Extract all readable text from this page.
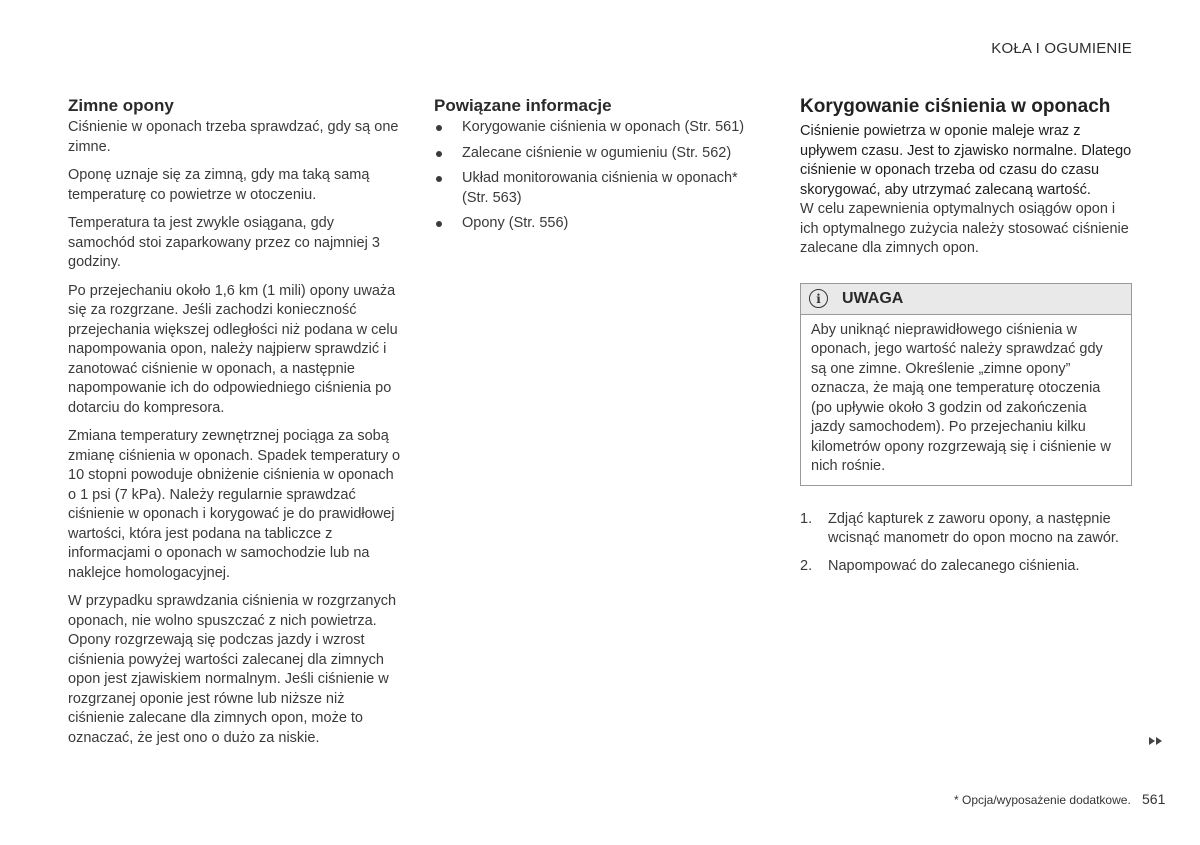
KOŁA I OGUMIENIE
Zimne opony

Ciśnienie w oponach trzeba sprawdzać, gdy są one zimne.

Oponę uznaje się za zimną, gdy ma taką samą temperaturę co powietrze w otoczeniu.

Temperatura ta jest zwykle osiągana, gdy samochód stoi zaparkowany przez co najmniej 3 godziny.

Po przejechaniu około 1,6 km (1 mili) opony uważa się za rozgrzane. Jeśli zachodzi konieczność przejechania większej odległości niż podana w celu napompowania opon, należy najpierw sprawdzić i zanotować ciśnienie w oponach, a następnie napompowanie ich do odpowiedniego ciśnienia po dotarciu do kompresora.

Zmiana temperatury zewnętrznej pociąga za sobą zmianę ciśnienia w oponach. Spadek temperatury o 10 stopni powoduje obniżenie ciśnienia w oponach o 1 psi (7 kPa). Należy regularnie sprawdzać ciśnienie w oponach i korygować je do prawidłowej wartości, która jest podana na tabliczce z informacjami o oponach w samochodzie lub na naklejce homologacyjnej.

W przypadku sprawdzania ciśnienia w rozgrzanych oponach, nie wolno spuszczać z nich powietrza. Opony rozgrzewają się podczas jazdy i wzrost ciśnienia powyżej wartości zalecanej dla zimnych opon jest zjawiskiem normalnym. Jeśli ciśnienie w rozgrzanej oponie jest równe lub niższe niż ciśnienie zalecane dla zimnych opon, może to oznaczać, że jest ono o dużo za niskie.

Powiązane informacje
Korygowanie ciśnienia w oponach (Str. 561)
Zalecane ciśnienie w ogumieniu (Str. 562)
Układ monitorowania ciśnienia w oponach* (Str. 563)
Opony (Str. 556)
Korygowanie ciśnienia w oponach

Ciśnienie powietrza w oponie maleje wraz z upływem czasu. Jest to zjawisko normalne. Dlatego ciśnienie w oponach trzeba od czasu do czasu skorygować, aby utrzymać zalecaną wartość.

W celu zapewnienia optymalnych osiągów opon i ich optymalnego zużycia należy stosować ciśnienie zalecane dla zimnych opon.

i	UWAGA

Aby uniknąć nieprawidłowego ciśnienia w oponach, jego wartość należy sprawdzać gdy są one zimne. Określenie „zimne opony” oznacza, że mają one temperaturę otoczenia (po upływie około 3 godzin od zakończenia jazdy samochodem). Po przejechaniu kilku kilometrów opony rozgrzewają się i ciśnienie w nich rośnie.

1. Zdjąć kapturek z zaworu opony, a następnie wcisnąć manometr do opon mocno na zawór.
2. Napompować do zalecanego ciśnienia.
* Opcja/wyposażenie dodatkowe. 561
